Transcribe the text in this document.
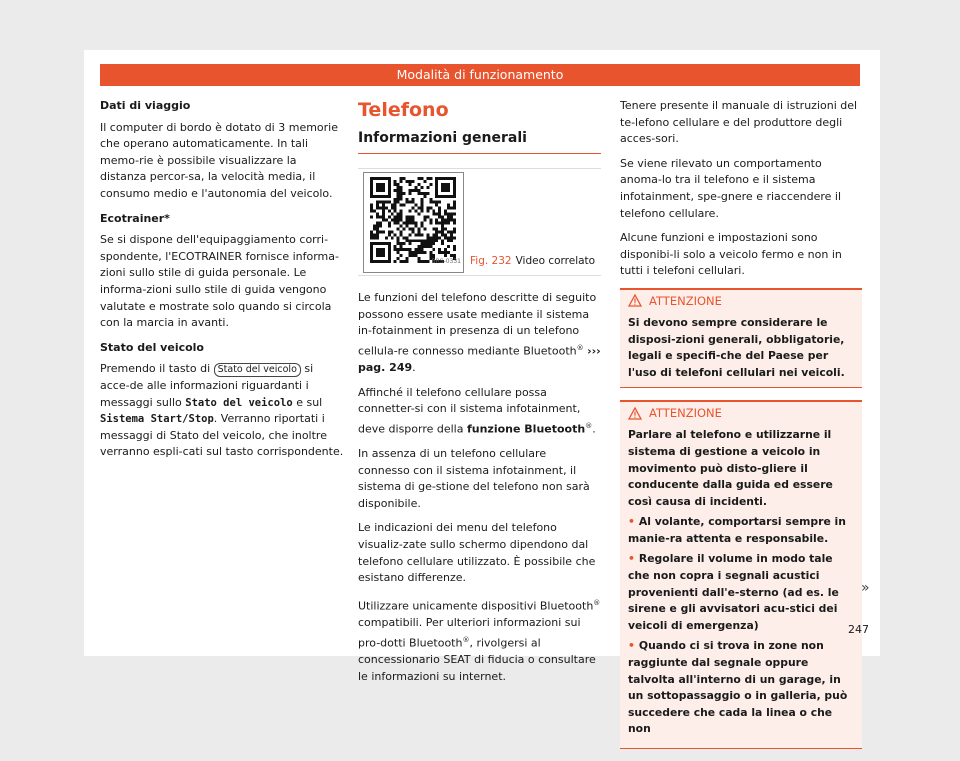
Modalità di funzionamento
Dati di viaggio

Il computer di bordo è dotato di 3 memorie che operano automaticamente. In tali memo-rie è possibile visualizzare la distanza percor-sa, la velocità media, il consumo medio e l'autonomia del veicolo.

Ecotrainer*

Se si dispone dell'equipaggiamento corri-spondente, l'ECOTRAINER fornisce informa-zioni sullo stile di guida personale. Le informa-zioni sullo stile di guida vengono valutate e mostrate solo quando si circola con la marcia in avanti.

Stato del veicolo

Premendo il tasto di Stato del veicolo si acce-de alle informazioni riguardanti i messaggi sullo Stato del veicolo e sul Sistema Start/Stop. Verranno riportati i messaggi di Stato del veicolo, che inoltre verranno espli-cati sul tasto corrispondente.

Telefono
Informazioni generali
BRS-0331 Fig. 232 Video correlato

Le funzioni del telefono descritte di seguito possono essere usate mediante il sistema in-fotainment in presenza di un telefono cellula-re connesso mediante Bluetooth® ››› pag. 249.

Affinché il telefono cellulare possa connetter-si con il sistema infotainment, deve disporre della funzione Bluetooth®.

In assenza di un telefono cellulare connesso con il sistema infotainment, il sistema di ge-stione del telefono non sarà disponibile.

Le indicazioni dei menu del telefono visualiz-zate sullo schermo dipendono dal telefono cellulare utilizzato. È possibile che esistano differenze.

Utilizzare unicamente dispositivi Bluetooth® compatibili. Per ulteriori informazioni sui pro-dotti Bluetooth®, rivolgersi al concessionario SEAT di fiducia o consultare le informazioni su internet.

Tenere presente il manuale di istruzioni del te-lefono cellulare e del produttore degli acces-sori.

Se viene rilevato un comportamento anoma-lo tra il telefono e il sistema infotainment, spe-gnere e riaccendere il telefono cellulare.

Alcune funzioni e impostazioni sono disponibi-li solo a veicolo fermo e non in tutti i telefoni cellulari.

ATTENZIONE
Si devono sempre considerare le disposi-zioni generali, obbligatorie, legali e specifi-che del Paese per l'uso di telefoni cellulari nei veicoli.
ATTENZIONE

Parlare al telefono e utilizzarne il sistema di gestione a veicolo in movimento può disto-gliere il conducente dalla guida ed essere così causa di incidenti.

• Al volante, comportarsi sempre in manie-ra attenta e responsabile.

• Regolare il volume in modo tale che non copra i segnali acustici provenienti dall'e-sterno (ad es. le sirene e gli avvisatori acu-stici dei veicoli di emergenza)

• Quando ci si trova in zone non raggiunte dal segnale oppure talvolta all'interno di un garage, in un sottopassaggio o in galleria, può succedere che cada la linea o che non

»
247
